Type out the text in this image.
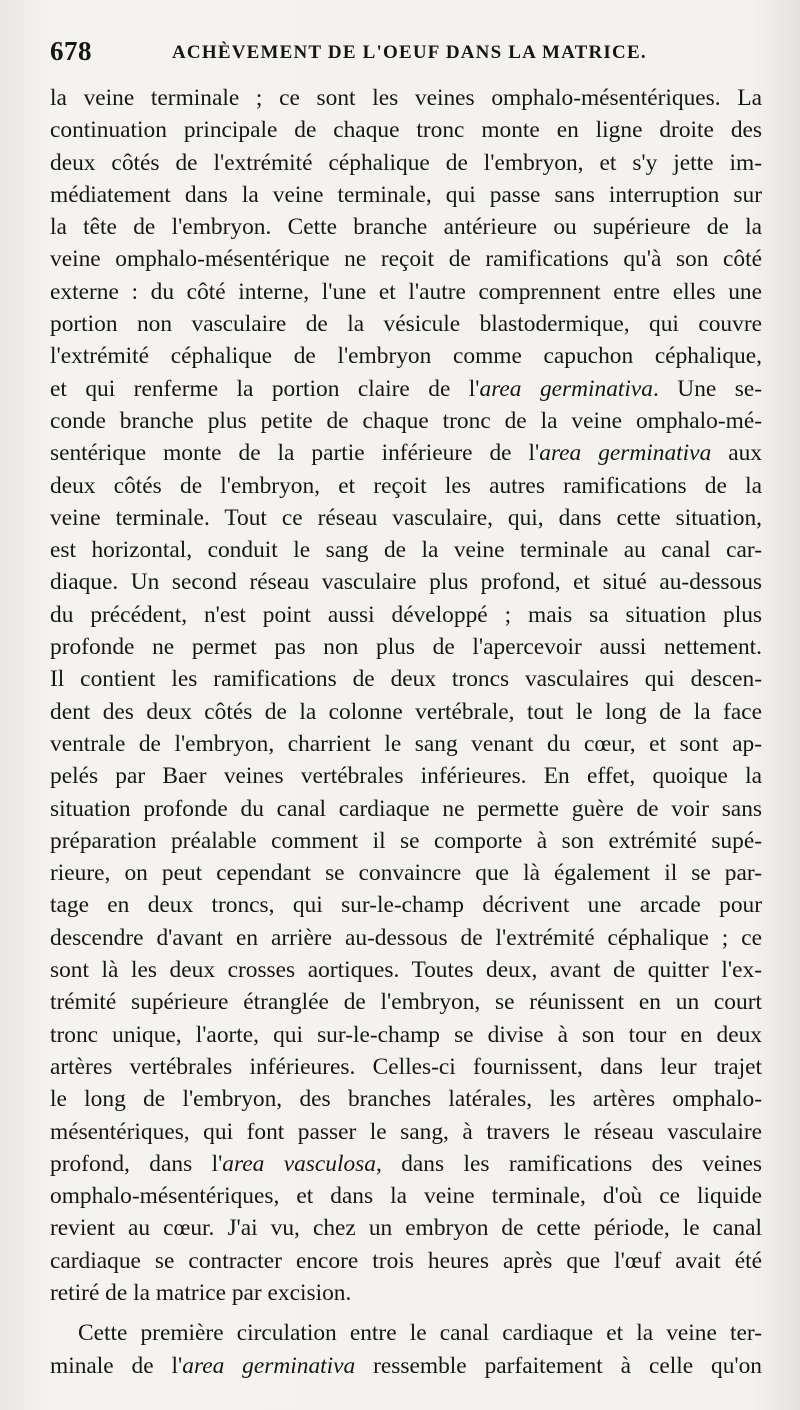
678	ACHÈVEMENT DE L'OEUF DANS LA MATRICE.
la veine terminale ; ce sont les veines omphalo-mésentériques. La
continuation principale de chaque tronc monte en ligne droite des
deux côtés de l'extrémité céphalique de l'embryon, et s'y jette im-
médiatement dans la veine terminale, qui passe sans interruption sur
la tête de l'embryon. Cette branche antérieure ou supérieure de la
veine omphalo-mésentérique ne reçoit de ramifications qu'à son côté
externe : du côté interne, l'une et l'autre comprennent entre elles une
portion non vasculaire de la vésicule blastodermique, qui couvre
l'extrémité céphalique de l'embryon comme capuchon céphalique,
et qui renferme la portion claire de l'area germinativa. Une se-
conde branche plus petite de chaque tronc de la veine omphalo-mé-
sentérique monte de la partie inférieure de l'area germinativa aux
deux côtés de l'embryon, et reçoit les autres ramifications de la
veine terminale. Tout ce réseau vasculaire, qui, dans cette situation,
est horizontal, conduit le sang de la veine terminale au canal car-
diaque. Un second réseau vasculaire plus profond, et situé au-dessous
du précédent, n'est point aussi développé ; mais sa situation plus
profonde ne permet pas non plus de l'apercevoir aussi nettement.
Il contient les ramifications de deux troncs vasculaires qui descen-
dent des deux côtés de la colonne vertébrale, tout le long de la face
ventrale de l'embryon, charrient le sang venant du cœur, et sont ap-
pelés par Baer veines vertébrales inférieures. En effet, quoique la
situation profonde du canal cardiaque ne permette guère de voir sans
préparation préalable comment il se comporte à son extrémité supé-
rieure, on peut cependant se convaincre que là également il se par-
tage en deux troncs, qui sur-le-champ décrivent une arcade pour
descendre d'avant en arrière au-dessous de l'extrémité céphalique ; ce
sont là les deux crosses aortiques. Toutes deux, avant de quitter l'ex-
trémité supérieure étranglée de l'embryon, se réunissent en un court
tronc unique, l'aorte, qui sur-le-champ se divise à son tour en deux
artères vertébrales inférieures. Celles-ci fournissent, dans leur trajet
le long de l'embryon, des branches latérales, les artères omphalo-
mésentériques, qui font passer le sang, à travers le réseau vasculaire
profond, dans l'area vasculosa, dans les ramifications des veines
omphalo-mésentériques, et dans la veine terminale, d'où ce liquide
revient au cœur. J'ai vu, chez un embryon de cette période, le canal
cardiaque se contracter encore trois heures après que l'œuf avait été
retiré de la matrice par excision.
Cette première circulation entre le canal cardiaque et la veine ter-
minale de l'area germinativa ressemble parfaitement à celle qu'on
